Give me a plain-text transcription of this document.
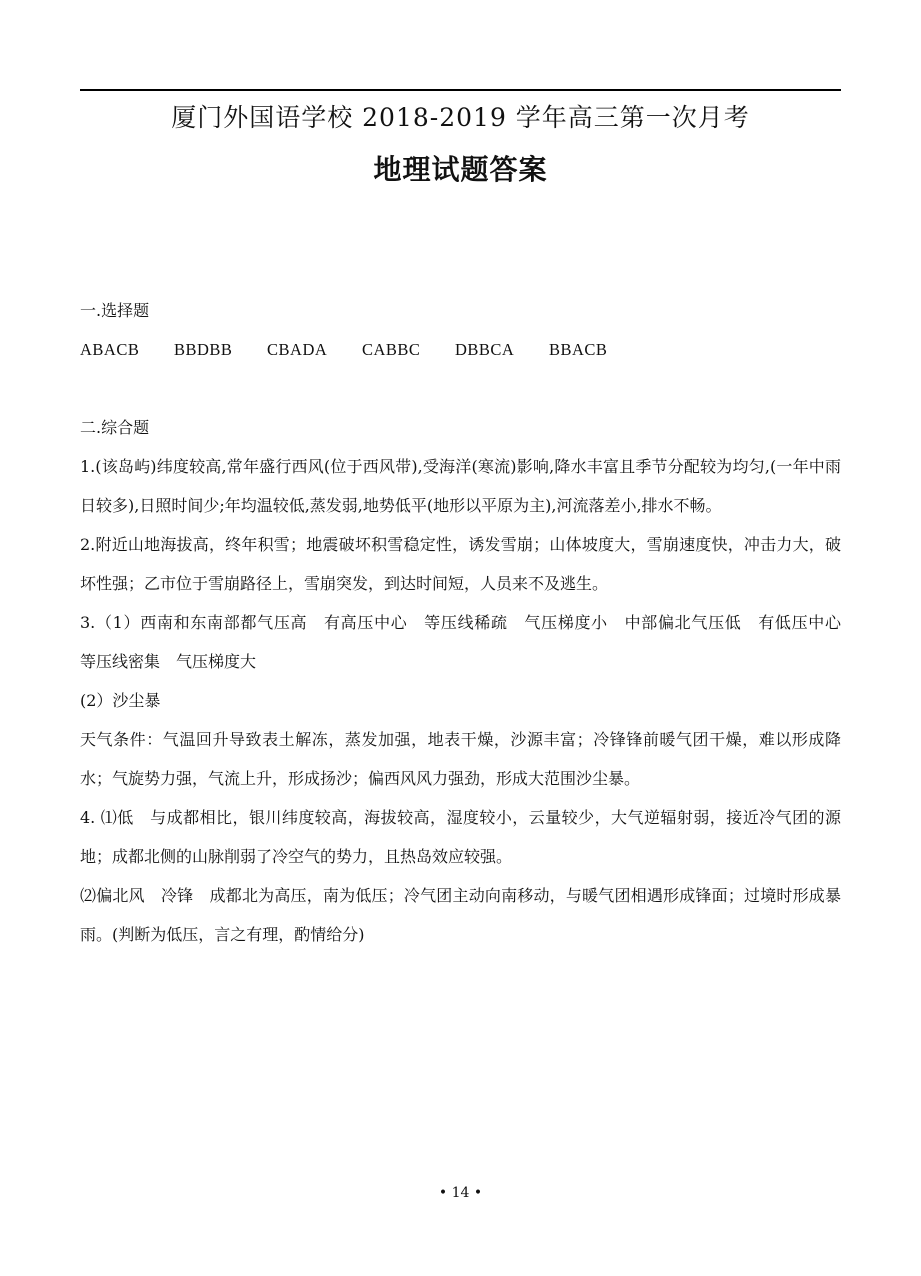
厦门外国语学校 2018-2019 学年高三第一次月考
地理试题答案

一.选择题

ABACB BBDBB CBADA CABBC DBBCA BBACB

二.综合题

1.(该岛屿)纬度较高,常年盛行西风(位于西风带),受海洋(寒流)影响,降水丰富且季节分配较为均匀,(一年中雨日较多),日照时间少;年均温较低,蒸发弱,地势低平(地形以平原为主),河流落差小,排水不畅。

2.附近山地海拔高，终年积雪；地震破坏积雪稳定性，诱发雪崩；山体坡度大，雪崩速度快，冲击力大，破坏性强；乙市位于雪崩路径上，雪崩突发，到达时间短，人员来不及逃生。

3.（1）西南和东南部都气压高　有高压中心　等压线稀疏　气压梯度小　中部偏北气压低　有低压中心　等压线密集　气压梯度大

(2）沙尘暴

天气条件：气温回升导致表土解冻，蒸发加强，地表干燥，沙源丰富；冷锋锋前暖气团干燥，难以形成降水；气旋势力强，气流上升，形成扬沙；偏西风风力强劲，形成大范围沙尘暴。

4. ⑴低　与成都相比，银川纬度较高，海拔较高，湿度较小，云量较少，大气逆辐射弱，接近冷气团的源地；成都北侧的山脉削弱了冷空气的势力，且热岛效应较强。

⑵偏北风　冷锋　成都北为高压，南为低压；冷气团主动向南移动，与暖气团相遇形成锋面；过境时形成暴雨。(判断为低压，言之有理，酌情给分)

• 14 •
